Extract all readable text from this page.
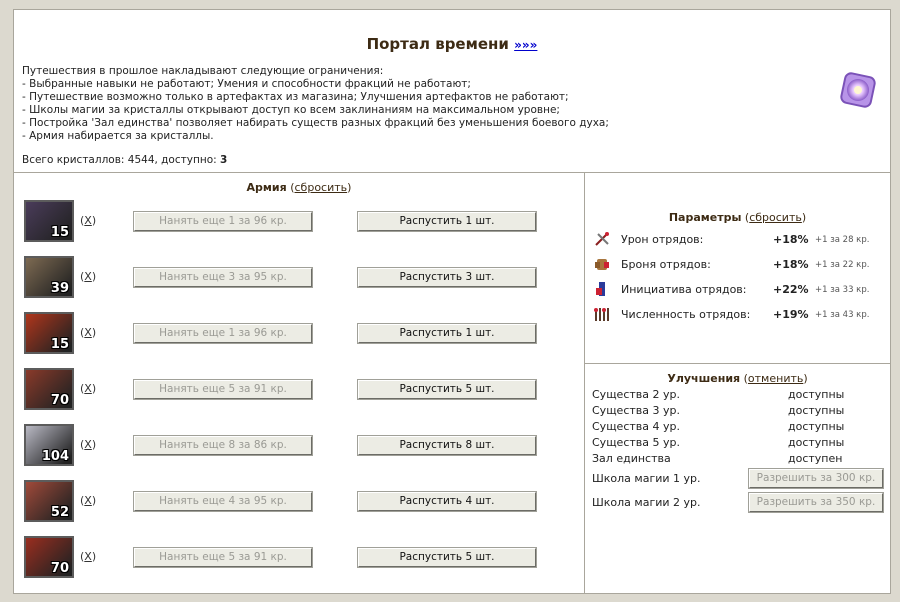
Портал времени »»»
Путешествия в прошлое накладывают следующие ограничения:
- Выбранные навыки не работают; Умения и способности фракций не работают;
- Путешествие возможно только в артефактах из магазина; Улучшения артефактов не работают;
- Школы магии за кристаллы открывают доступ ко всем заклинаниям на максимальном уровне;
- Постройка 'Зал единства' позволяет набирать существ разных фракций без уменьшения боевого духа;
- Армия набирается за кристаллы.
Всего кристаллов: 4544, доступно: 3
Армия (сбросить)
15
(X)	Нанять еще 1 за 96 кр.	Распустить 1 шт.
39
(X)	Нанять еще 3 за 95 кр.	Распустить 3 шт.
15
(X)	Нанять еще 1 за 96 кр.	Распустить 1 шт.
70
(X)	Нанять еще 5 за 91 кр.	Распустить 5 шт.
104
(X)	Нанять еще 8 за 86 кр.	Распустить 8 шт.
52
(X)	Нанять еще 4 за 95 кр.	Распустить 4 шт.
70
(X)	Нанять еще 5 за 91 кр.	Распустить 5 шт.
Параметры (сбросить)
Урон отрядов:	+18% +1 за 28 кр.
Броня отрядов:	+18% +1 за 22 кр.
Инициатива отрядов: +22% +1 за 33 кр.
Численность отрядов: +19% +1 за 43 кр.
Улучшения (отменить)
Существа 2 ур.	доступны
Существа 3 ур.	доступны
Существа 4 ур.	доступны
Существа 5 ур.	доступны
Зал единства	доступен
Школа магии 1 ур.	Разрешить за 300 кр.
Школа магии 2 ур.	Разрешить за 350 кр.
